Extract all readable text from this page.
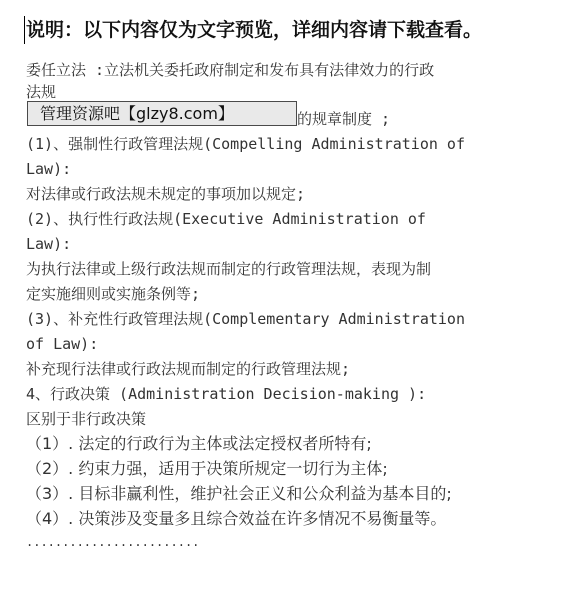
说明：以下内容仅为文字预览，详细内容请下载查看。
委任立法 :立法机关委托政府制定和发布具有法律效力的行政
法规
的规章制度 ;
(1)、强制性行政管理法规(Compelling Administration of
Law):
对法律或行政法规未规定的事项加以规定;
(2)、执行性行政法规(Executive Administration of
Law):
为执行法律或上级行政法规而制定的行政管理法规，表现为制
定实施细则或实施条例等;
(3)、补充性行政管理法规(Complementary Administration
of Law):
补充现行法律或行政法规而制定的行政管理法规;
4、行政决策 (Administration Decision-making ):
区别于非行政决策
（1）. 法定的行政行为主体或法定授权者所特有;
（2）. 约束力强，适用于决策所规定一切行为主体;
（3）. 目标非赢利性，维护社会正义和公众利益为基本目的;
（4）. 决策涉及变量多且综合效益在许多情况不易衡量等。
........................
管理资源吧【glzy8.com】
